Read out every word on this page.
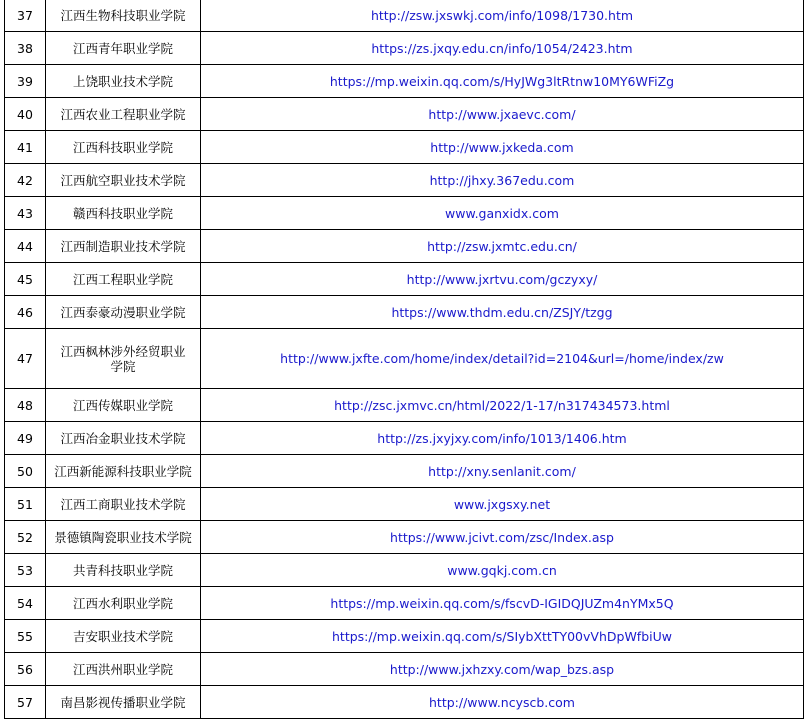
37	江西生物科技职业学院	http://zsw.jxswkj.com/info/1098/1730.htm
38	江西青年职业学院	https://zs.jxqy.edu.cn/info/1054/2423.htm
39	上饶职业技术学院	https://mp.weixin.qq.com/s/HyJWg3ltRtnw10MY6WFiZg
40	江西农业工程职业学院	http://www.jxaevc.com/
41	江西科技职业学院	http://www.jxkeda.com
42	江西航空职业技术学院	http://jhxy.367edu.com
43	赣西科技职业学院	www.ganxidx.com
44	江西制造职业技术学院	http://zsw.jxmtc.edu.cn/
45	江西工程职业学院	http://www.jxrtvu.com/gczyxy/
46	江西泰豪动漫职业学院	https://www.thdm.edu.cn/ZSJY/tzgg
47	江西枫林涉外经贸职业学院	http://www.jxfte.com/home/index/detail?id=2104&url=/home/index/zw
48	江西传媒职业学院	http://zsc.jxmvc.cn/html/2022/1-17/n317434573.html
49	江西冶金职业技术学院	http://zs.jxyjxy.com/info/1013/1406.htm
50	江西新能源科技职业学院	http://xny.senlanit.com/
51	江西工商职业技术学院	www.jxgsxy.net
52	景德镇陶瓷职业技术学院	https://www.jcivt.com/zsc/Index.asp
53	共青科技职业学院	www.gqkj.com.cn
54	江西水利职业学院	https://mp.weixin.qq.com/s/fscvD-IGIDQJUZm4nYMx5Q
55	吉安职业技术学院	https://mp.weixin.qq.com/s/SIybXttTY00vVhDpWfbiUw
56	江西洪州职业学院	http://www.jxhzxy.com/wap_bzs.asp
57	南昌影视传播职业学院	http://www.ncyscb.com
